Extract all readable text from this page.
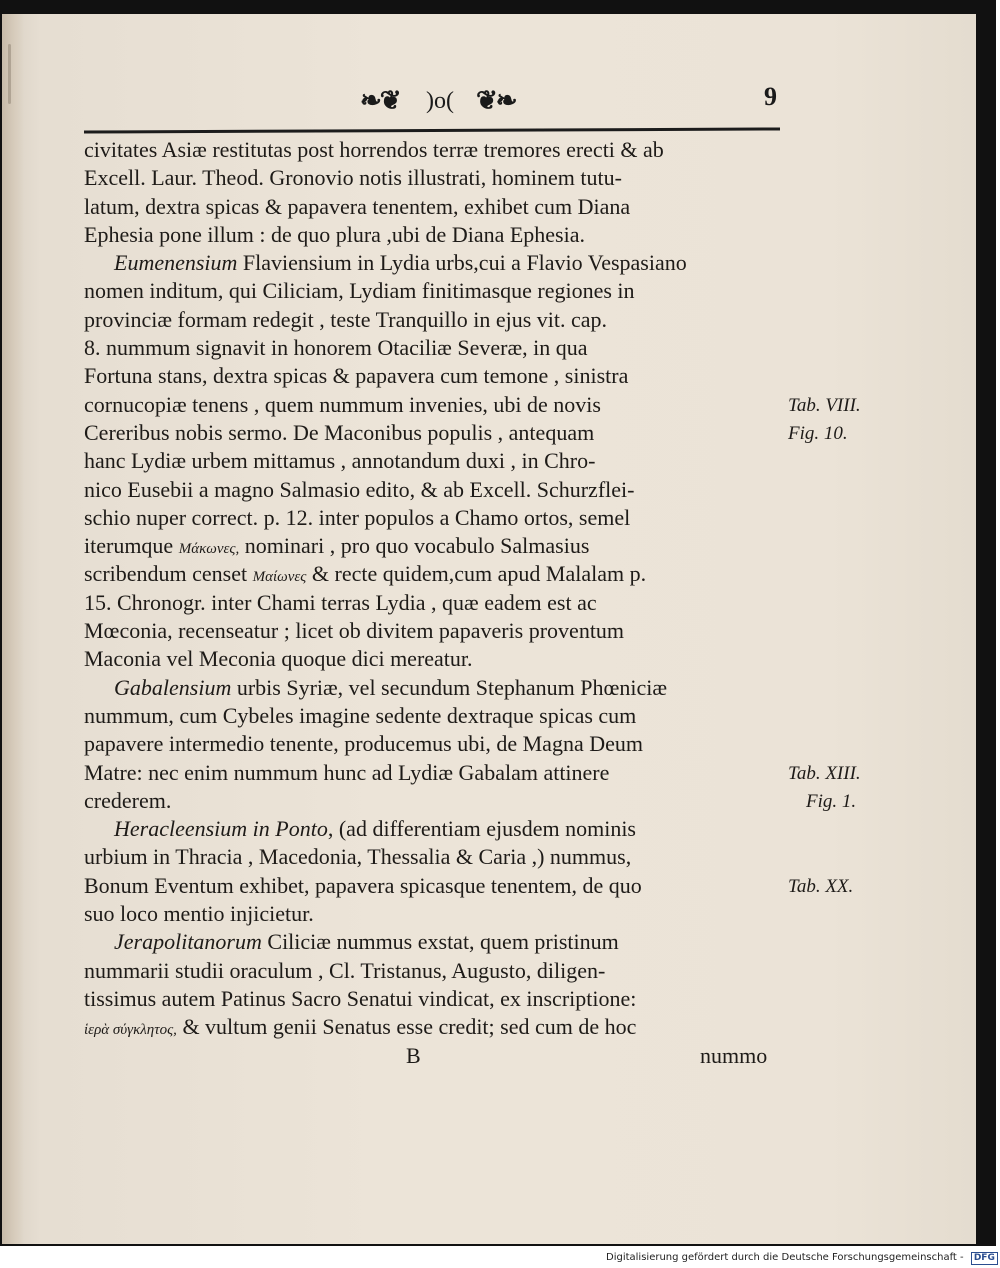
❧❦ )o( ❦❧	9
civitates Asiæ restitutas post horrendos terræ tremores erecti & ab
Excell. Laur. Theod. Gronovio notis illustrati, hominem tutu-
latum, dextra spicas & papavera tenentem, exhibet cum Diana
Ephesia pone illum : de quo plura ,ubi de Diana Ephesia.
Eumenensium Flaviensium in Lydia urbs,cui a Flavio Vespasiano
nomen inditum, qui Ciliciam, Lydiam finitimasque regiones in
provinciæ formam redegit , teste Tranquillo in ejus vit. cap.
8. nummum signavit in honorem Otaciliæ Severæ, in qua
Fortuna stans, dextra spicas & papavera cum temone , sinistra
cornucopiæ tenens , quem nummum invenies, ubi de novis
Cereribus nobis sermo. De Maconibus populis , antequam
hanc Lydiæ urbem mittamus , annotandum duxi , in Chro-
nico Eusebii a magno Salmasio edito, & ab Excell. Schurzflei-
schio nuper correct. p. 12. inter populos a Chamo ortos, semel
iterumque Μάκωνες, nominari , pro quo vocabulo Salmasius
scribendum censet Μαίωνες & recte quidem,cum apud Malalam p.
15. Chronogr. inter Chami terras Lydia , quæ eadem est ac
Mœconia, recenseatur ; licet ob divitem papaveris proventum
Maconia vel Meconia quoque dici mereatur.
Gabalensium urbis Syriæ, vel secundum Stephanum Phœniciæ
nummum, cum Cybeles imagine sedente dextraque spicas cum
papavere intermedio tenente, producemus ubi, de Magna Deum
Matre: nec enim nummum hunc ad Lydiæ Gabalam attinere
crederem.
Heracleensium in Ponto, (ad differentiam ejusdem nominis
urbium in Thracia , Macedonia, Thessalia & Caria ,) nummus,
Bonum Eventum exhibet, papavera spicasque tenentem, de quo
suo loco mentio injicietur.
Jerapolitanorum Ciliciæ nummus exstat, quem pristinum
nummarii studii oraculum , Cl. Tristanus, Augusto, diligen-
tissimus autem Patinus Sacro Senatui vindicat, ex inscriptione:
ἱερὰ σύγκλητος, & vultum genii Senatus esse credit; sed cum de hoc
B	nummo
Tab. VIII.
Fig. 10.
Tab. XIII.
Fig. 1.
Tab. XX.
Digitalisierung gefördert durch die Deutsche Forschungsgemeinschaft - DFG
